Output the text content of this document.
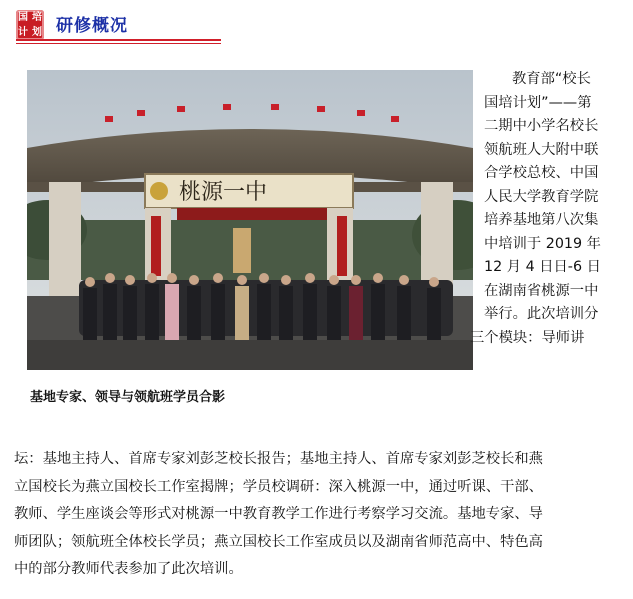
国 培
计 划 研修概况
桃源一中
基地专家、领导与领航班学员合影
教育部“校长
国培计划”——第
二期中小学名校长
领航班人大附中联
合学校总校、中国
人民大学教育学院
培养基地第八次集
中培训于 2019 年
12 月 4 日日-6 日
在湖南省桃源一中
举行。此次培训分
三个模块：导师讲
坛：基地主持人、首席专家刘彭芝校长报告；基地主持人、首席专家刘彭芝校长和燕
立国校长为燕立国校长工作室揭牌；学员校调研：深入桃源一中，通过听课、干部、
教师、学生座谈会等形式对桃源一中教育教学工作进行考察学习交流。基地专家、导
师团队；领航班全体校长学员；燕立国校长工作室成员以及湖南省师范高中、特色高
中的部分教师代表参加了此次培训。
